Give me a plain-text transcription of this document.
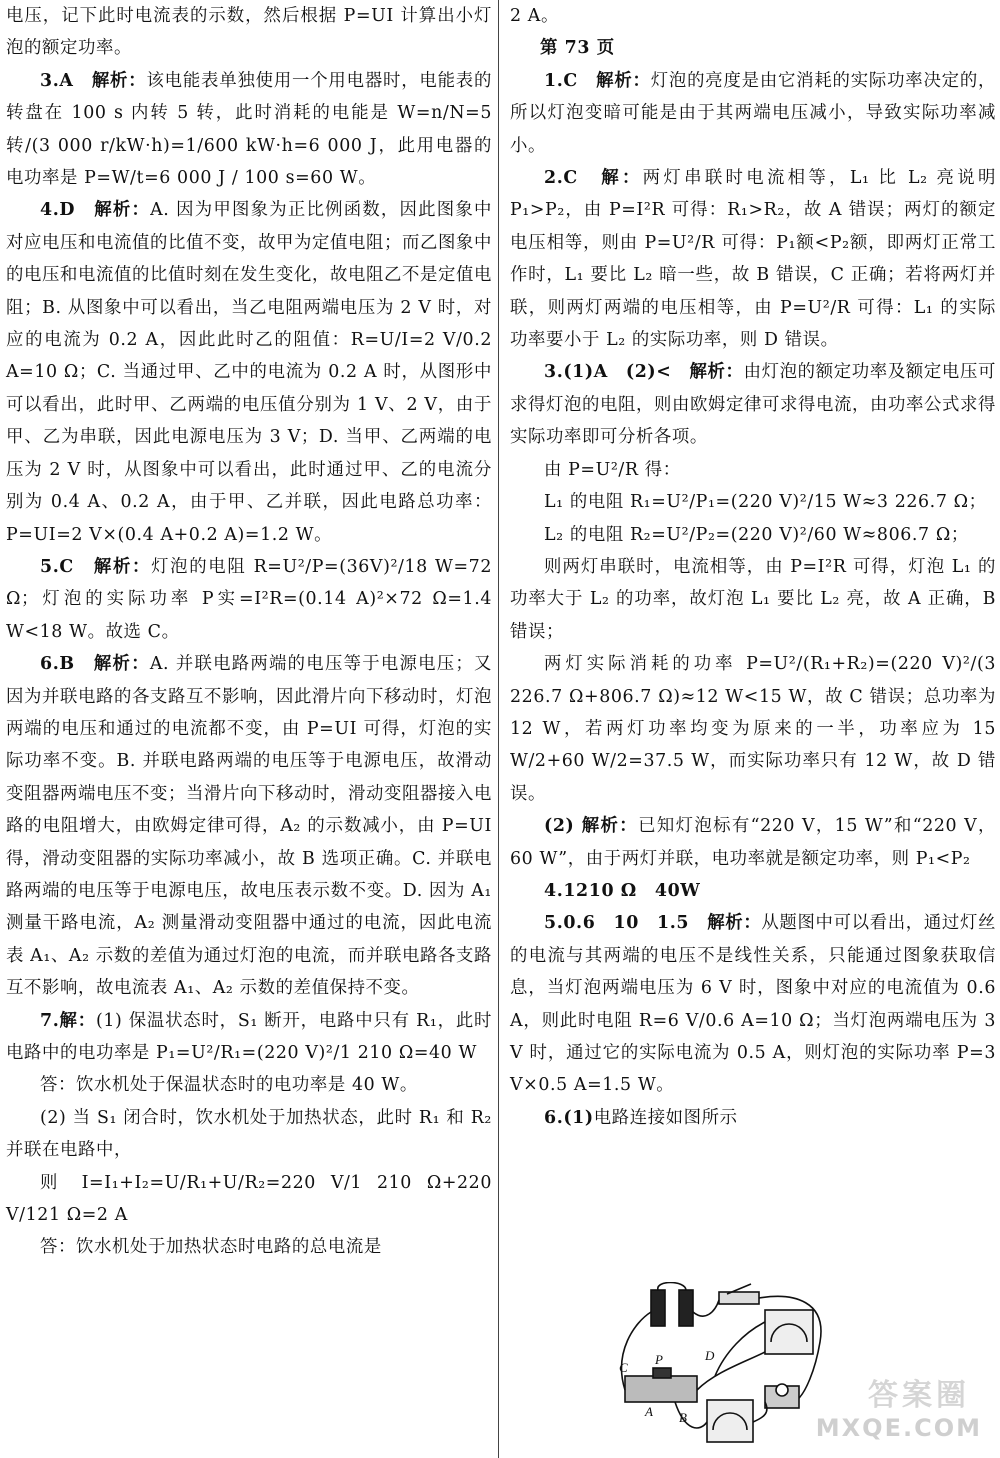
电压，记下此时电流表的示数，然后根据 P=UI 计算出小灯泡的额定功率。

3.A　解析：该电能表单独使用一个用电器时，电能表的转盘在 100 s 内转 5 转，此时消耗的电能是 W=n/N=5 转/(3 000 r/kW·h)=1/600 kW·h=6 000 J，此用电器的电功率是 P=W/t=6 000 J / 100 s=60 W。

4.D　解析：A. 因为甲图象为正比例函数，因此图象中对应电压和电流值的比值不变，故甲为定值电阻；而乙图象中的电压和电流值的比值时刻在发生变化，故电阻乙不是定值电阻；B. 从图象中可以看出，当乙电阻两端电压为 2 V 时，对应的电流为 0.2 A，因此此时乙的阻值：R=U/I=2 V/0.2 A=10 Ω；C. 当通过甲、乙中的电流为 0.2 A 时，从图形中可以看出，此时甲、乙两端的电压值分别为 1 V、2 V，由于甲、乙为串联，因此电源电压为 3 V；D. 当甲、乙两端的电压为 2 V 时，从图象中可以看出，此时通过甲、乙的电流分别为 0.4 A、0.2 A，由于甲、乙并联，因此电路总功率：P=UI=2 V×(0.4 A+0.2 A)=1.2 W。

5.C　解析：灯泡的电阻 R=U²/P=(36V)²/18 W=72 Ω；灯泡的实际功率 P实=I²R=(0.14 A)²×72 Ω=1.4 W<18 W。故选 C。

6.B　解析：A. 并联电路两端的电压等于电源电压；又因为并联电路的各支路互不影响，因此滑片向下移动时，灯泡两端的电压和通过的电流都不变，由 P=UI 可得，灯泡的实际功率不变。B. 并联电路两端的电压等于电源电压，故滑动变阻器两端电压不变；当滑片向下移动时，滑动变阻器接入电路的电阻增大，由欧姆定律可得，A₂ 的示数减小，由 P=UI 得，滑动变阻器的实际功率减小，故 B 选项正确。C. 并联电路两端的电压等于电源电压，故电压表示数不变。D. 因为 A₁ 测量干路电流，A₂ 测量滑动变阻器中通过的电流，因此电流表 A₁、A₂ 示数的差值为通过灯泡的电流，而并联电路各支路互不影响，故电流表 A₁、A₂ 示数的差值保持不变。

7.解：(1) 保温状态时，S₁ 断开，电路中只有 R₁，此时电路中的电功率是 P₁=U²/R₁=(220 V)²/1 210 Ω=40 W

答：饮水机处于保温状态时的电功率是 40 W。

(2) 当 S₁ 闭合时，饮水机处于加热状态，此时 R₁ 和 R₂ 并联在电路中，

则 I=I₁+I₂=U/R₁+U/R₂=220 V/1 210 Ω+220 V/121 Ω=2 A

答：饮水机处于加热状态时电路的总电流是

2 A。

第 73 页

1.C　解析：灯泡的亮度是由它消耗的实际功率决定的，所以灯泡变暗可能是由于其两端电压减小，导致实际功率减小。

2.C　解：两灯串联时电流相等，L₁ 比 L₂ 亮说明 P₁>P₂，由 P=I²R 可得：R₁>R₂，故 A 错误；两灯的额定电压相等，则由 P=U²/R 可得：P₁额<P₂额，即两灯正常工作时，L₁ 要比 L₂ 暗一些，故 B 错误，C 正确；若将两灯并联，则两灯两端的电压相等，由 P=U²/R 可得：L₁ 的实际功率要小于 L₂ 的实际功率，则 D 错误。

3.(1)A　(2)<　解析：由灯泡的额定功率及额定电压可求得灯泡的电阻，则由欧姆定律可求得电流，由功率公式求得实际功率即可分析各项。

由 P=U²/R 得：

L₁ 的电阻 R₁=U²/P₁=(220 V)²/15 W≈3 226.7 Ω；

L₂ 的电阻 R₂=U²/P₂=(220 V)²/60 W≈806.7 Ω；

则两灯串联时，电流相等，由 P=I²R 可得，灯泡 L₁ 的功率大于 L₂ 的功率，故灯泡 L₁ 要比 L₂ 亮，故 A 正确，B 错误；

两灯实际消耗的功率 P=U²/(R₁+R₂)=(220 V)²/(3 226.7 Ω+806.7 Ω)≈12 W<15 W，故 C 错误；总功率为 12 W，若两灯功率均变为原来的一半，功率应为 15 W/2+60 W/2=37.5 W，而实际功率只有 12 W，故 D 错误。

(2) 解析：已知灯泡标有“220 V，15 W”和“220 V，60 W”，由于两灯并联，电功率就是额定功率，则 P₁<P₂

4.1210 Ω　40W

5.0.6　10　1.5　解析：从题图中可以看出，通过灯丝的电流与其两端的电压不是线性关系，只能通过图象获取信息，当灯泡两端电压为 6 V 时，图象中对应的电流值为 0.6 A，则此时电阻 R=6 V/0.6 A=10 Ω；当灯泡两端电压为 3 V 时，通过它的实际电流为 0.5 A，则灯泡的实际功率 P=3 V×0.5 A=1.5 W。

6.(1)电路连接如图所示

C
P	D
A B
答案圈
MXQE.COM
